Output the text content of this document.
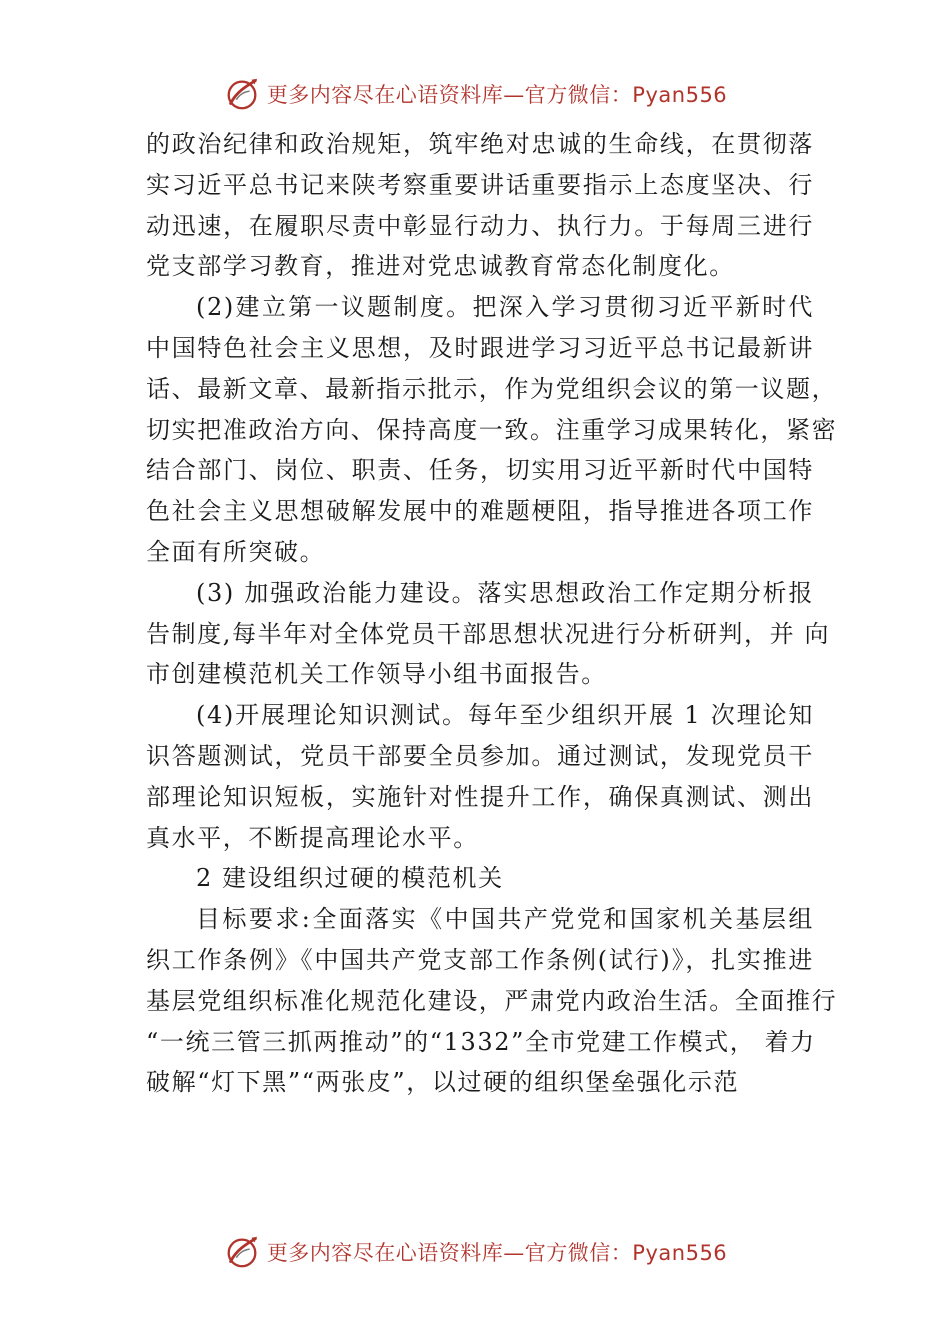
更多内容尽在心语资料库—官方微信：Pyan556
的政治纪律和政治规矩，筑牢绝对忠诚的生命线，在贯彻落
实习近平总书记来陕考察重要讲话重要指示上态度坚决、行
动迅速，在履职尽责中彰显行动力、执行力。于每周三进行
党支部学习教育，推进对党忠诚教育常态化制度化。
(2)建立第一议题制度。把深入学习贯彻习近平新时代
中国特色社会主义思想，及时跟进学习习近平总书记最新讲
话、最新文章、最新指示批示，作为党组织会议的第一议题，
切实把准政治方向、保持高度一致。注重学习成果转化，紧密
结合部门、岗位、职责、任务，切实用习近平新时代中国特
色社会主义思想破解发展中的难题梗阻，指导推进各项工作
全面有所突破。
(3) 加强政治能力建设。落实思想政治工作定期分析报
告制度,每半年对全体党员干部思想状况进行分析研判，并 向
市创建模范机关工作领导小组书面报告。
(4)开展理论知识测试。每年至少组织开展 1 次理论知
识答题测试，党员干部要全员参加。通过测试，发现党员干
部理论知识短板，实施针对性提升工作，确保真测试、测出
真水平，不断提高理论水平。
2 建设组织过硬的模范机关
目标要求:全面落实《中国共产党党和国家机关基层组
织工作条例》《中国共产党支部工作条例(试行)》，扎实推进
基层党组织标准化规范化建设，严肃党内政治生活。全面推行
“一统三管三抓两推动”的“1332”全市党建工作模式， 着力
破解“灯下黑”“两张皮”，以过硬的组织堡垒强化示范
更多内容尽在心语资料库—官方微信：Pyan556
